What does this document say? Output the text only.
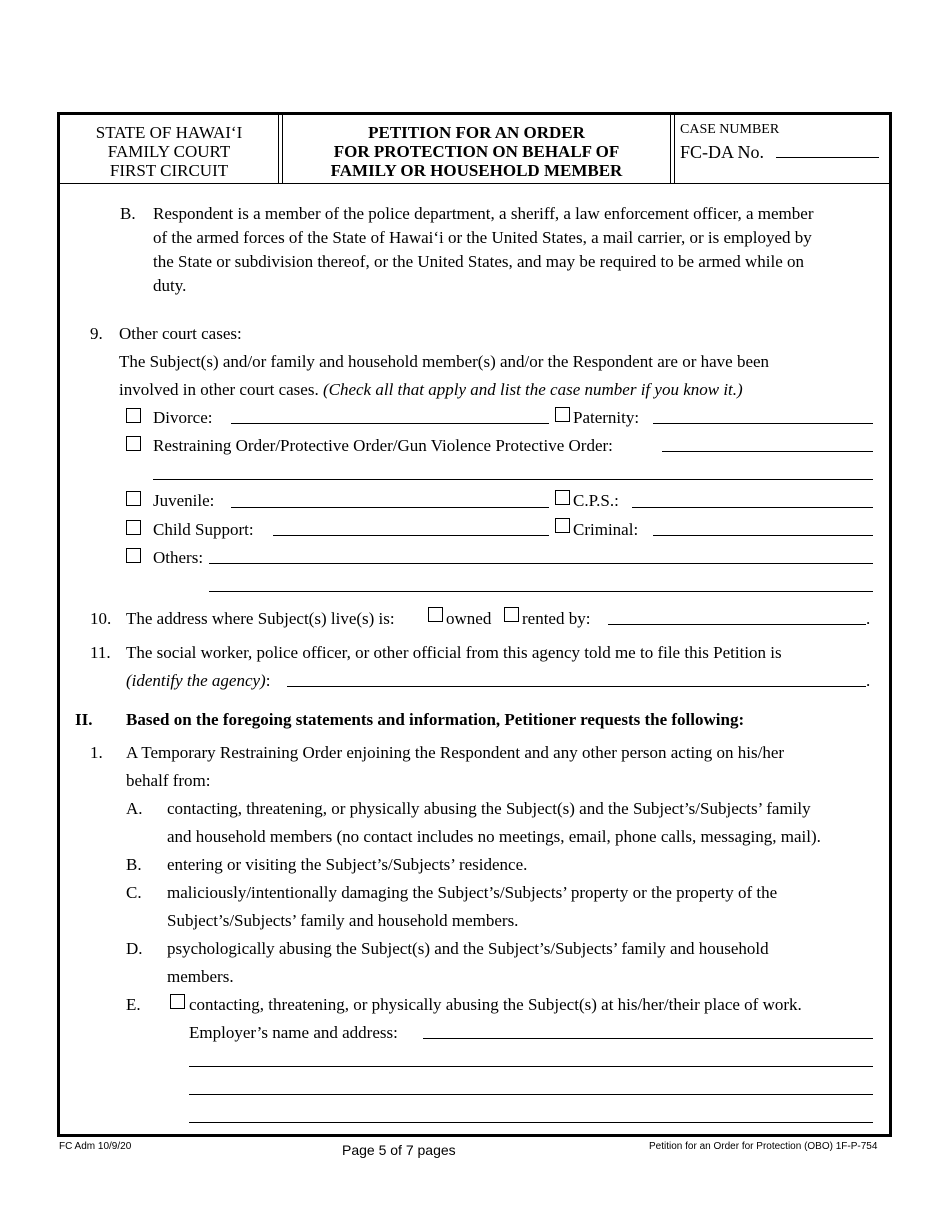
STATE OF HAWAIʻI
FAMILY COURT
FIRST CIRCUIT
PETITION FOR AN ORDER
FOR PROTECTION ON BEHALF OF
FAMILY OR HOUSEHOLD MEMBER
CASE NUMBER
FC-DA No.
B. Respondent is a member of the police department, a sheriff, a law enforcement officer, a member
of the armed forces of the State of Hawaiʻi or the United States, a mail carrier, or is employed by
the State or subdivision thereof, or the United States, and may be required to be armed while on
duty.
9. Other court cases:
The Subject(s) and/or family and household member(s) and/or the Respondent are or have been
involved in other court cases. (Check all that apply and list the case number if you know it.)
Divorce:	Paternity:
Restraining Order/Protective Order/Gun Violence Protective Order:
Juvenile:	C.P.S.:
Child Support:	Criminal:
Others:
10. The address where Subject(s) live(s) is:	owned rented by:	.
11. The social worker, police officer, or other official from this agency told me to file this Petition is
(identify the agency):	.
II. Based on the foregoing statements and information, Petitioner requests the following:
1. A Temporary Restraining Order enjoining the Respondent and any other person acting on his/her
behalf from:
A. contacting, threatening, or physically abusing the Subject(s) and the Subject’s/Subjects’ family
and household members (no contact includes no meetings, email, phone calls, messaging, mail).
B. entering or visiting the Subject’s/Subjects’ residence.
C. maliciously/intentionally damaging the Subject’s/Subjects’ property or the property of the
Subject’s/Subjects’ family and household members.
D. psychologically abusing the Subject(s) and the Subject’s/Subjects’ family and household
members.
E.	contacting, threatening, or physically abusing the Subject(s) at his/her/their place of work.
Employer’s name and address:
FC Adm 10/9/20	Page 5 of 7 pages	Petition for an Order for Protection (OBO) 1F-P-754
